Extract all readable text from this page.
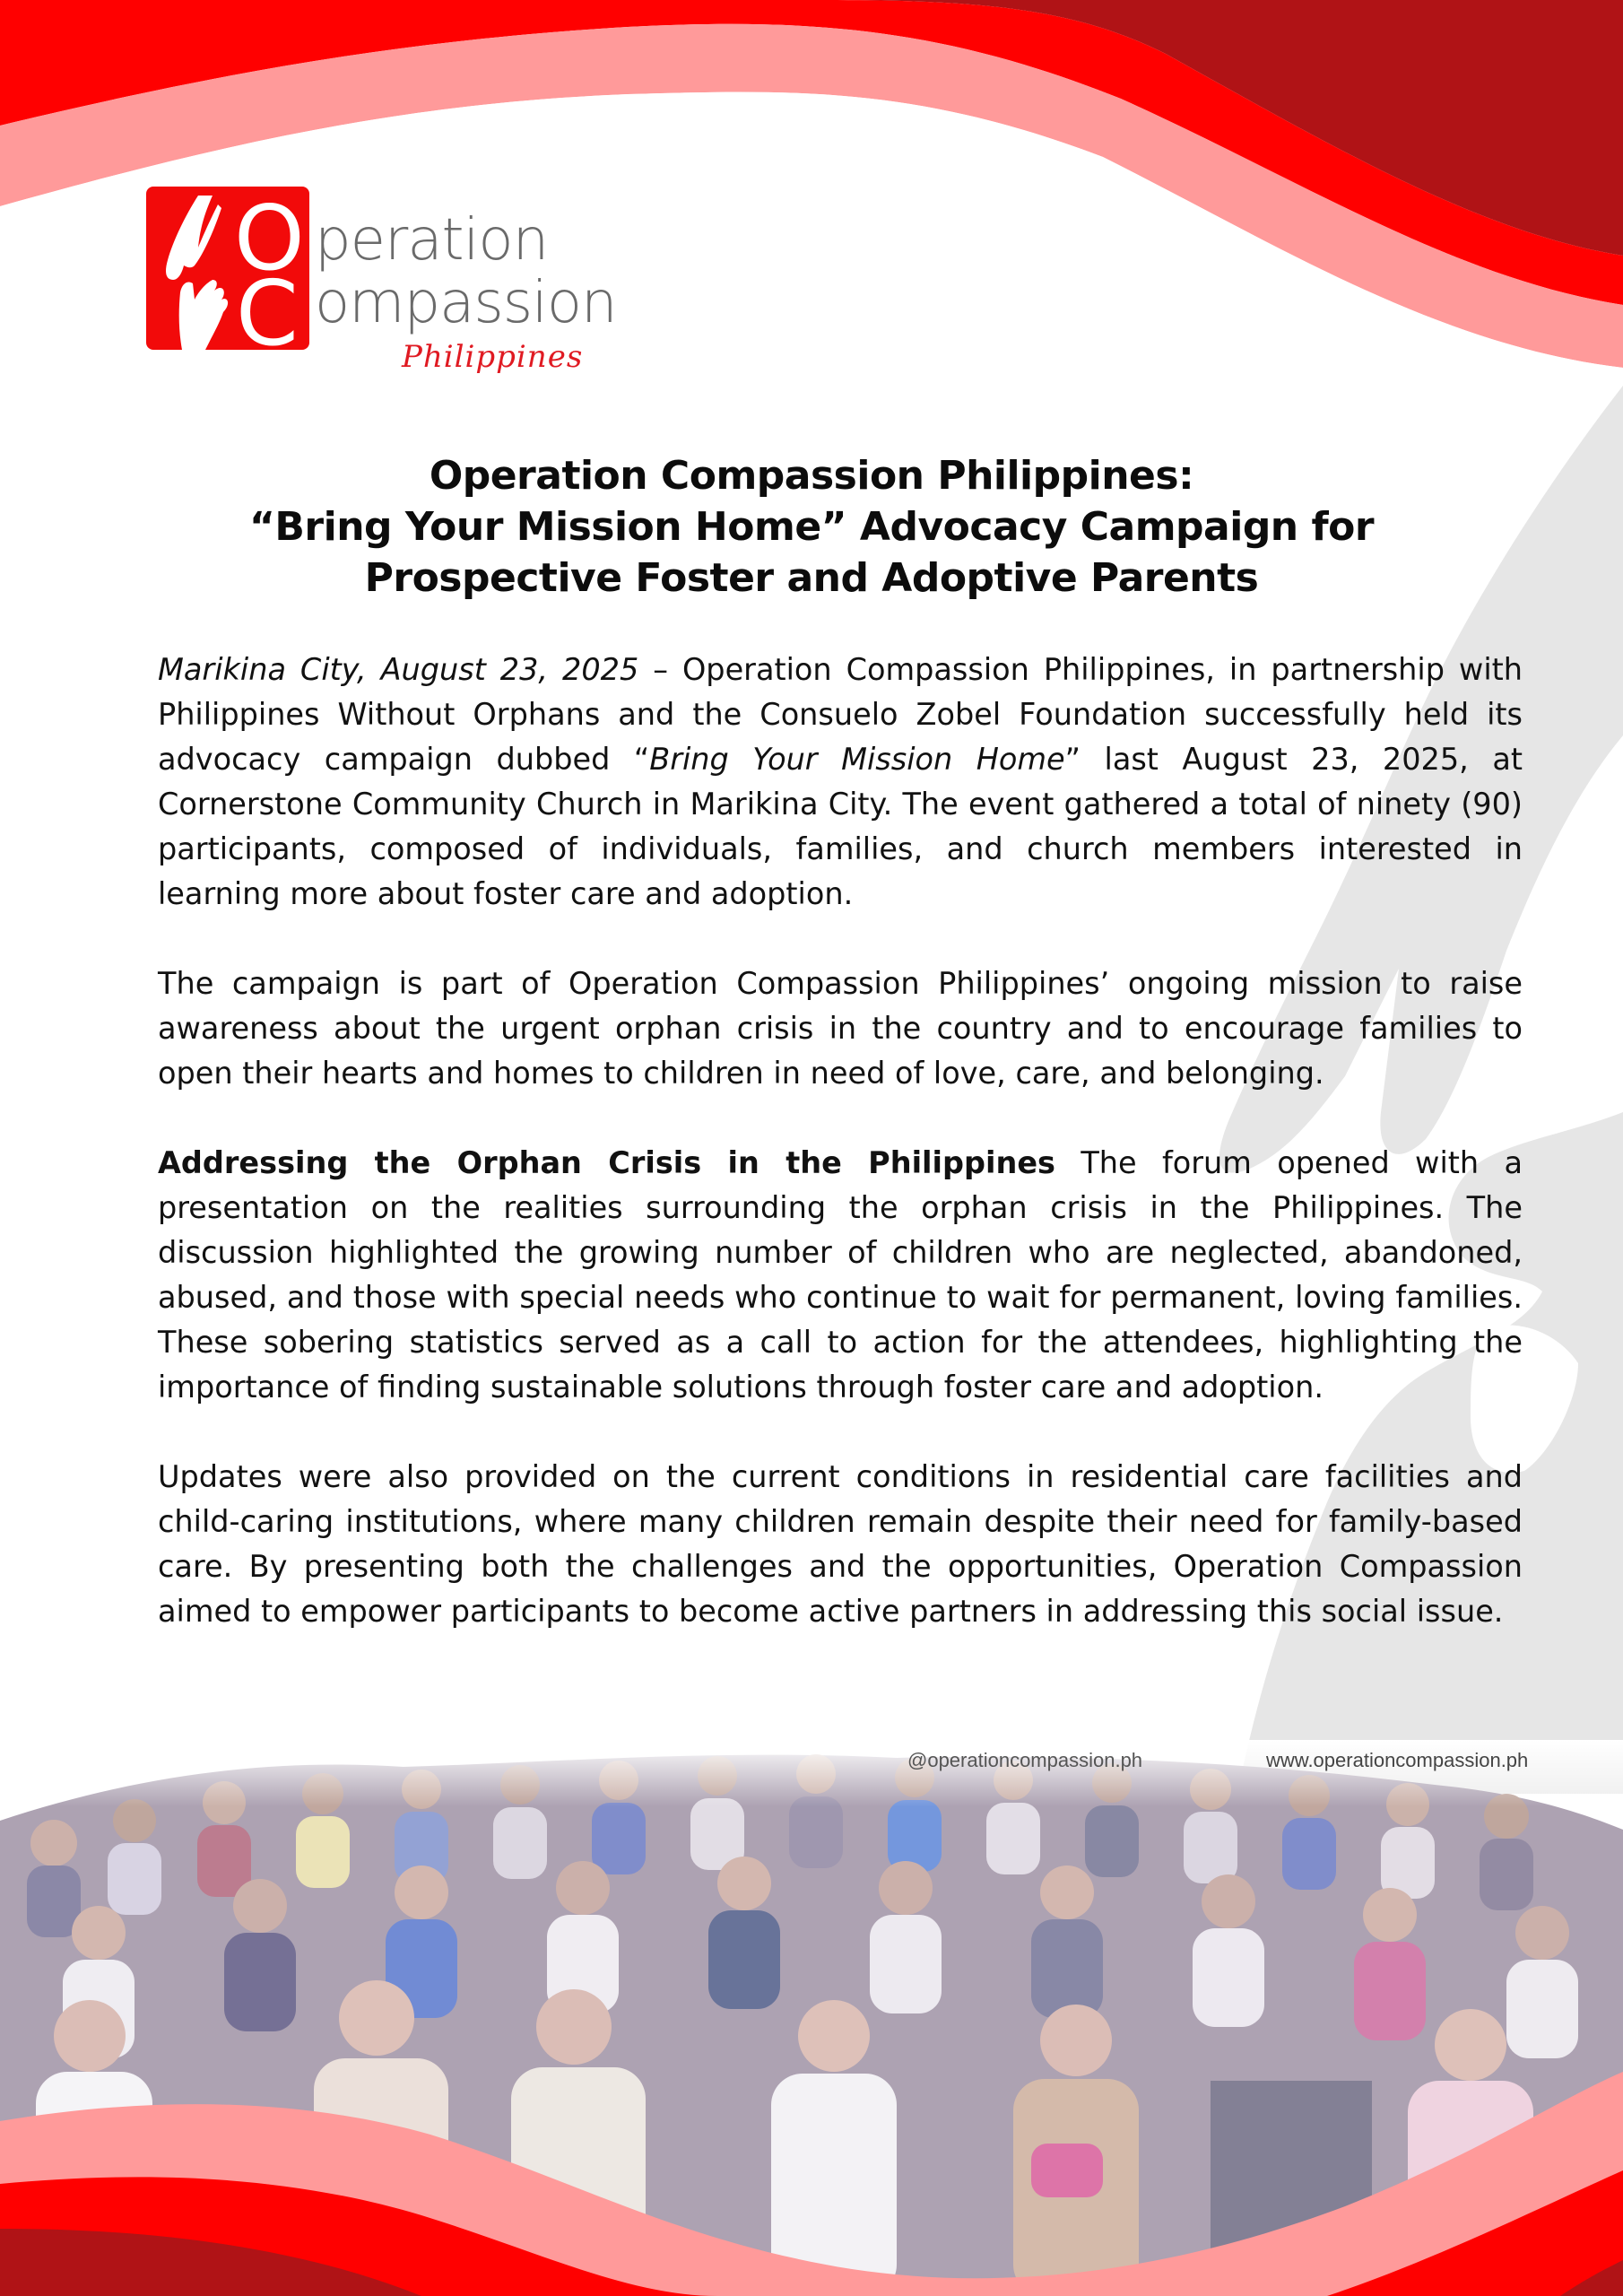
@operationcompassion.ph	www.operationcompassion.ph
O
C
peration
ompassion
Philippines
Operation Compassion Philippines:
“Bring Your Mission Home” Advocacy Campaign for
Prospective Foster and Adoptive Parents

Marikina City, August 23, 2025 – Operation Compassion Philippines, in partnership with Philippines Without Orphans and the Consuelo Zobel Foundation successfully held its advocacy campaign dubbed “Bring Your Mission Home” last August 23, 2025, at Cornerstone Community Church in Marikina City. The event gathered a total of ninety (90) participants, composed of individuals, families, and church members interested in learning more about foster care and adoption.

The campaign is part of Operation Compassion Philippines’ ongoing mission to raise awareness about the urgent orphan crisis in the country and to encourage families to open their hearts and homes to children in need of love, care, and belonging.

Addressing the Orphan Crisis in the Philippines The forum opened with a presentation on the realities surrounding the orphan crisis in the Philippines. The discussion highlighted the growing number of children who are neglected, abandoned, abused, and those with special needs who continue to wait for permanent, loving families. These sobering statistics served as a call to action for the attendees, highlighting the importance of finding sustainable solutions through foster care and adoption.

Updates were also provided on the current conditions in residential care facilities and child-caring institutions, where many children remain despite their need for family-based care. By presenting both the challenges and the opportunities, Operation Compassion aimed to empower participants to become active partners in addressing this social issue.
